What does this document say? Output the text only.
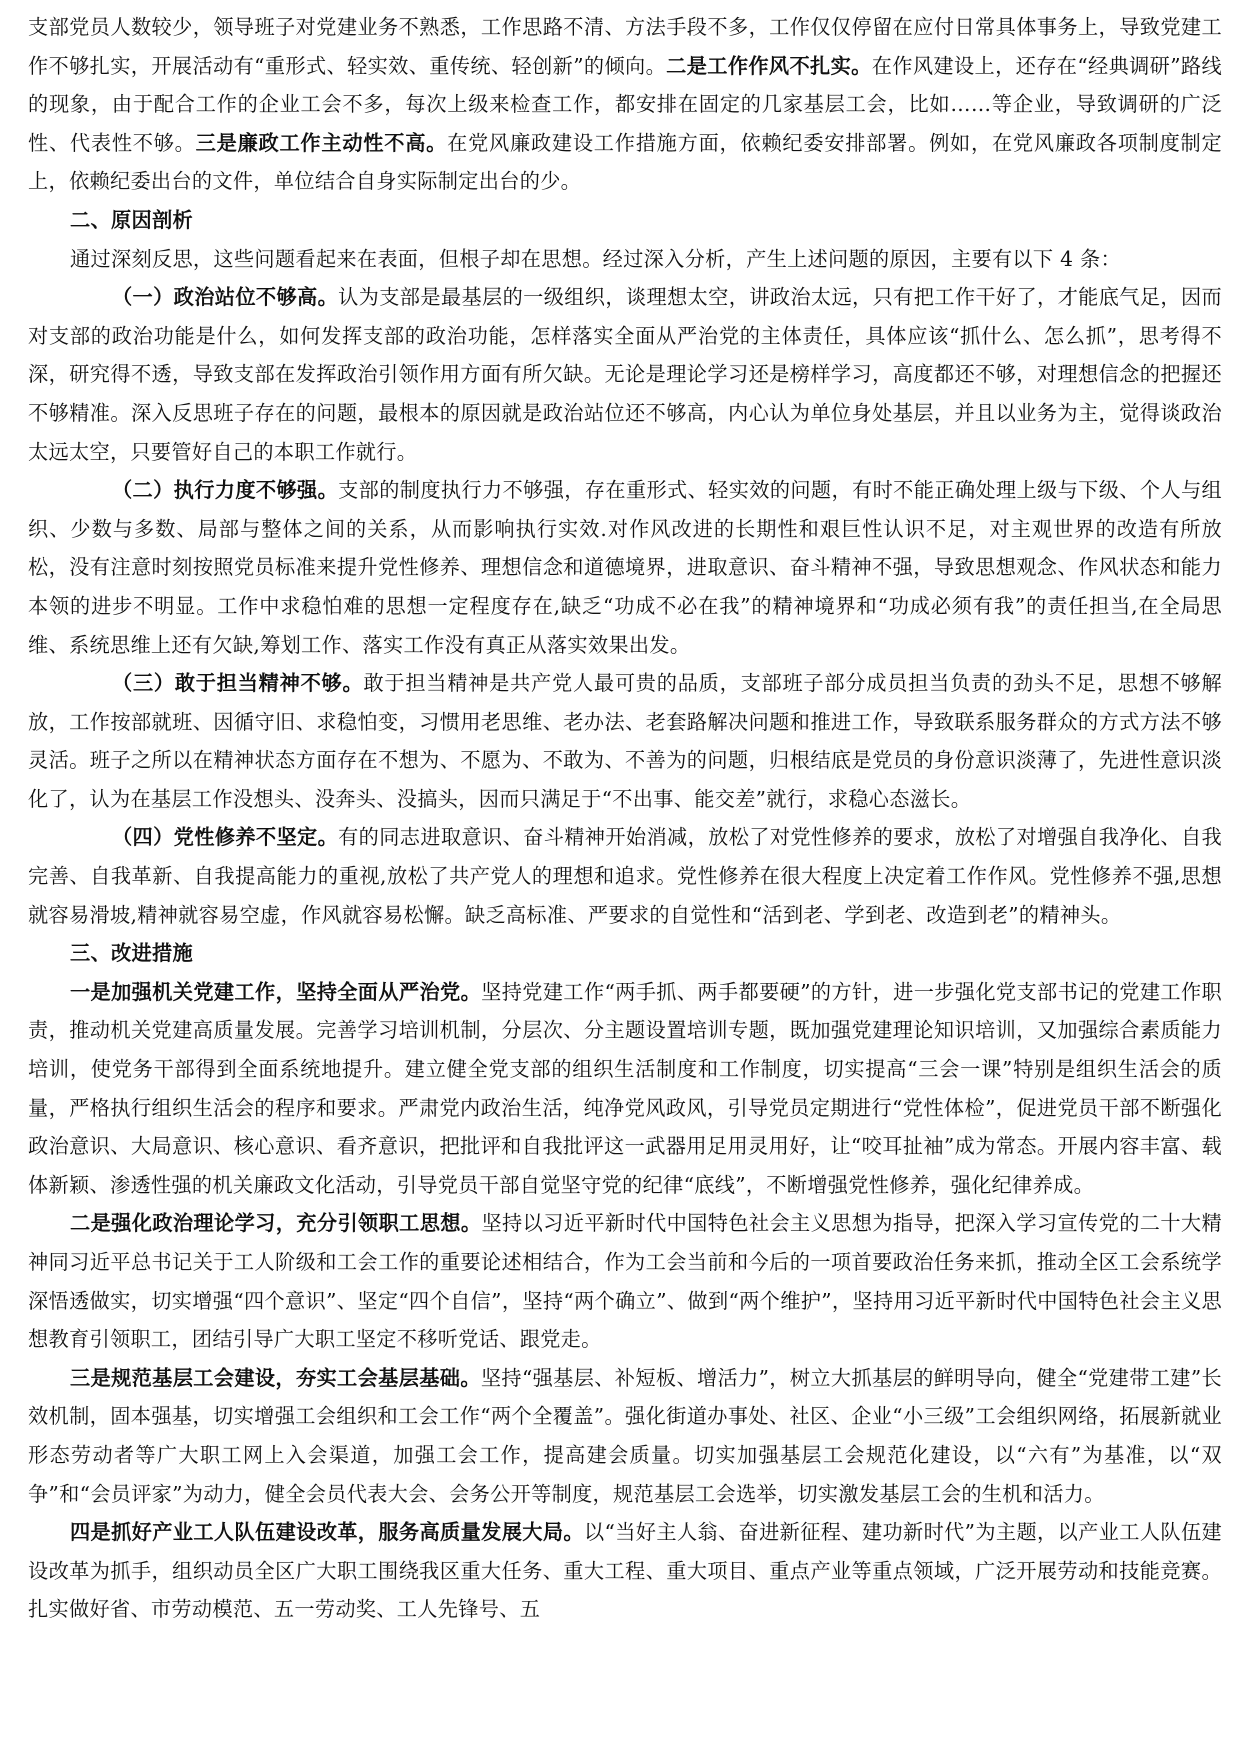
支部党员人数较少，领导班子对党建业务不熟悉，工作思路不清、方法手段不多，工作仅仅停留在应付日常具体事务上，导致党建工作不够扎实，开展活动有“重形式、轻实效、重传统、轻创新”的倾向。二是工作作风不扎实。在作风建设上，还存在“经典调研”路线的现象，由于配合工作的企业工会不多，每次上级来检查工作，都安排在固定的几家基层工会，比如……等企业，导致调研的广泛性、代表性不够。三是廉政工作主动性不高。在党风廉政建设工作措施方面，依赖纪委安排部署。例如，在党风廉政各项制度制定上，依赖纪委出台的文件，单位结合自身实际制定出台的少。

二、原因剖析

通过深刻反思，这些问题看起来在表面，但根子却在思想。经过深入分析，产生上述问题的原因，主要有以下 4 条：

（一）政治站位不够高。认为支部是最基层的一级组织，谈理想太空，讲政治太远，只有把工作干好了，才能底气足，因而对支部的政治功能是什么，如何发挥支部的政治功能，怎样落实全面从严治党的主体责任，具体应该“抓什么、怎么抓”，思考得不深，研究得不透，导致支部在发挥政治引领作用方面有所欠缺。无论是理论学习还是榜样学习，高度都还不够，对理想信念的把握还不够精准。深入反思班子存在的问题，最根本的原因就是政治站位还不够高，内心认为单位身处基层，并且以业务为主，觉得谈政治太远太空，只要管好自己的本职工作就行。

（二）执行力度不够强。支部的制度执行力不够强，存在重形式、轻实效的问题，有时不能正确处理上级与下级、个人与组织、少数与多数、局部与整体之间的关系，从而影响执行实效.对作风改进的长期性和艰巨性认识不足，对主观世界的改造有所放松，没有注意时刻按照党员标准来提升党性修养、理想信念和道德境界，进取意识、奋斗精神不强，导致思想观念、作风状态和能力本领的进步不明显。工作中求稳怕难的思想一定程度存在,缺乏“功成不必在我”的精神境界和“功成必须有我”的责任担当,在全局思维、系统思维上还有欠缺,筹划工作、落实工作没有真正从落实效果出发。

（三）敢于担当精神不够。敢于担当精神是共产党人最可贵的品质，支部班子部分成员担当负责的劲头不足，思想不够解放，工作按部就班、因循守旧、求稳怕变，习惯用老思维、老办法、老套路解决问题和推进工作，导致联系服务群众的方式方法不够灵活。班子之所以在精神状态方面存在不想为、不愿为、不敢为、不善为的问题，归根结底是党员的身份意识淡薄了，先进性意识淡化了，认为在基层工作没想头、没奔头、没搞头，因而只满足于“不出事、能交差”就行，求稳心态滋长。

（四）党性修养不坚定。有的同志进取意识、奋斗精神开始消减，放松了对党性修养的要求，放松了对增强自我净化、自我完善、自我革新、自我提高能力的重视,放松了共产党人的理想和追求。党性修养在很大程度上决定着工作作风。党性修养不强,思想就容易滑坡,精神就容易空虚，作风就容易松懈。缺乏高标准、严要求的自觉性和“活到老、学到老、改造到老”的精神头。

三、改进措施

一是加强机关党建工作，坚持全面从严治党。坚持党建工作“两手抓、两手都要硬”的方针，进一步强化党支部书记的党建工作职责，推动机关党建高质量发展。完善学习培训机制，分层次、分主题设置培训专题，既加强党建理论知识培训，又加强综合素质能力培训，使党务干部得到全面系统地提升。建立健全党支部的组织生活制度和工作制度，切实提高“三会一课”特别是组织生活会的质量，严格执行组织生活会的程序和要求。严肃党内政治生活，纯净党风政风，引导党员定期进行“党性体检”，促进党员干部不断强化政治意识、大局意识、核心意识、看齐意识，把批评和自我批评这一武器用足用灵用好，让“咬耳扯袖”成为常态。开展内容丰富、载体新颖、渗透性强的机关廉政文化活动，引导党员干部自觉坚守党的纪律“底线”，不断增强党性修养，强化纪律养成。

二是强化政治理论学习，充分引领职工思想。坚持以习近平新时代中国特色社会主义思想为指导，把深入学习宣传党的二十大精神同习近平总书记关于工人阶级和工会工作的重要论述相结合，作为工会当前和今后的一项首要政治任务来抓，推动全区工会系统学深悟透做实，切实增强“四个意识”、坚定“四个自信”，坚持“两个确立”、做到“两个维护”，坚持用习近平新时代中国特色社会主义思想教育引领职工，团结引导广大职工坚定不移听党话、跟党走。

三是规范基层工会建设，夯实工会基层基础。坚持“强基层、补短板、增活力”，树立大抓基层的鲜明导向，健全“党建带工建”长效机制，固本强基，切实增强工会组织和工会工作“两个全覆盖”。强化街道办事处、社区、企业“小三级”工会组织网络，拓展新就业形态劳动者等广大职工网上入会渠道，加强工会工作，提高建会质量。切实加强基层工会规范化建设，以“六有”为基准，以“双争”和“会员评家”为动力，健全会员代表大会、会务公开等制度，规范基层工会选举，切实激发基层工会的生机和活力。

四是抓好产业工人队伍建设改革，服务高质量发展大局。以“当好主人翁、奋进新征程、建功新时代”为主题，以产业工人队伍建设改革为抓手，组织动员全区广大职工围绕我区重大任务、重大工程、重大项目、重点产业等重点领域，广泛开展劳动和技能竞赛。扎实做好省、市劳动模范、五一劳动奖、工人先锋号、五
